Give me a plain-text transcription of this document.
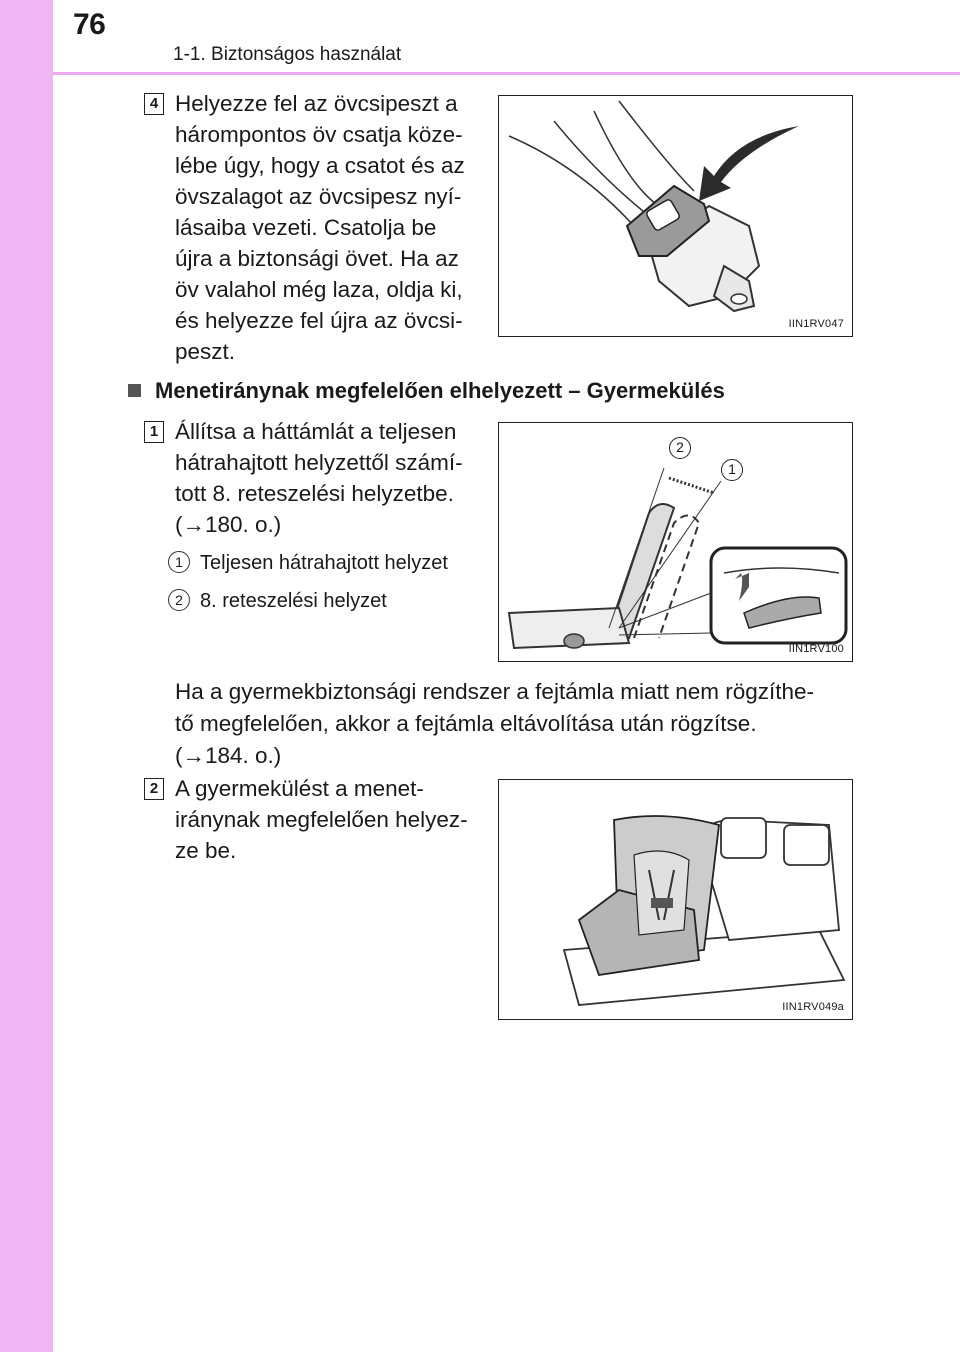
76
1-1. Biztonságos használat
4 Helyezze fel az övcsipeszt a
hárompontos öv csatja köze-
lébe úgy, hogy a csatot és az
övszalagot az övcsipesz nyí-
lásaiba vezeti. Csatolja be
újra a biztonsági övet. Ha az
öv valahol még laza, oldja ki,
és helyezze fel újra az övcsi-
peszt.
IIN1RV047
Menetiránynak megfelelően elhelyezett – Gyermekülés
1 Állítsa a háttámlát a teljesen
hátrahajtott helyzettől számí-
tott 8. reteszelési helyzetbe.
(→180. o.)
1 Teljesen hátrahajtott helyzet
2 8. reteszelési helyzet
2
1
IIN1RV100
Ha a gyermekbiztonsági rendszer a fejtámla miatt nem rögzíthe-
tő megfelelően, akkor a fejtámla eltávolítása után rögzítse.
(→184. o.)
2 A gyermekülést a menet-
iránynak megfelelően helyez-
ze be.
IIN1RV049a
